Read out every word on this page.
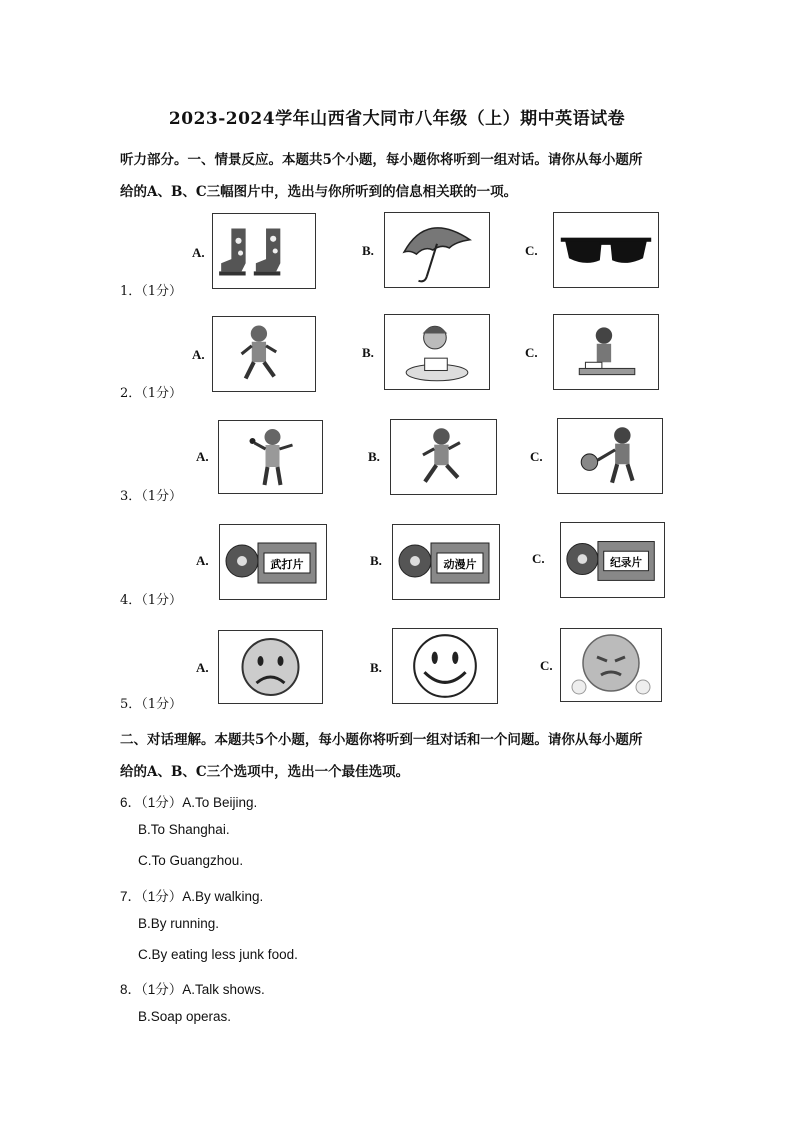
2023-2024学年山西省大同市八年级（上）期中英语试卷
听力部分。一、情景反应。本题共5个小题，每小题你将听到一组对话。请你从每小题所
给的A、B、C三幅图片中，选出与你所听到的信息相关联的一项。
1．（1分）
A.	B.	C.
2．（1分）
A.	B.	C.
3．（1分）
A.	B.	C.
4．（1分）
A.	武打片	B.	动漫片	C.	纪录片
5．（1分）
A.	B.	C.
二、对话理解。本题共5个小题，每小题你将听到一组对话和一个问题。请你从每小题所
给的A、B、C三个选项中，选出一个最佳选项。
6．（1分）A.To Beijing.
B.To Shanghai.
C.To Guangzhou.
7．（1分）A.By walking.
B.By running.
C.By eating less junk food.
8．（1分）A.Talk shows.
B.Soap operas.
